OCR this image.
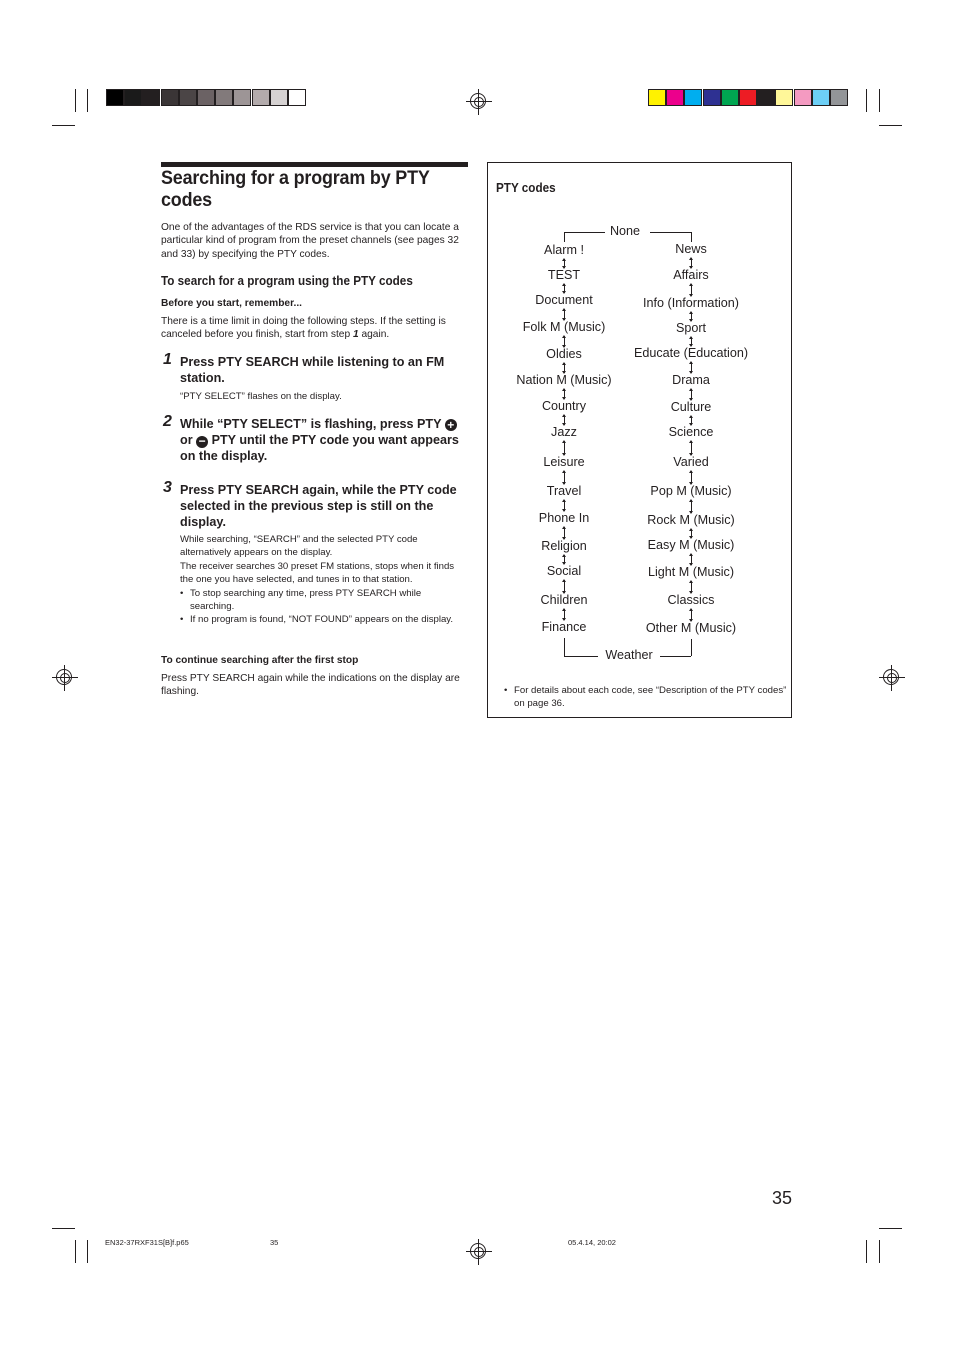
Searching for a program by PTY codes
One of the advantages of the RDS service is that you can locate a particular kind of program from the preset channels (see pages 32 and 33) by specifying the PTY codes.
To search for a program using the PTY codes
Before you start, remember...
There is a time limit in doing the following steps. If the setting is canceled before you finish, start from step 1 again.
1 Press PTY SEARCH while listening to an FM station.
“PTY SELECT” flashes on the display.
2 While “PTY SELECT” is flashing, press PTY + or − PTY until the PTY code you want appears on the display.
3 Press PTY SEARCH again, while the PTY code selected in the previous step is still on the display.
While searching, “SEARCH” and the selected PTY code alternatively appears on the display.
The receiver searches 30 preset FM stations, stops when it finds the one you have selected, and tunes in to that station.
• To stop searching any time, press PTY SEARCH while searching.
• If no program is found, “NOT FOUND” appears on the display.
To continue searching after the first stop
Press PTY SEARCH again while the indications on the display are flashing.
PTY codes
Alarm !
TEST
Document
Folk M (Music)
Oldies
Nation M (Music)
Country
Jazz
Leisure
Travel
Phone In
Religion
Social
Children
Finance
News
Affairs
Info (Information)
Sport
Educate (Education)
Drama
Culture
Science
Varied
Pop M (Music)
Rock M (Music)
Easy M (Music)
Light M (Music)
Classics
Other M (Music)
None
Weather
• For details about each code, see “Description of the PTY codes” on page 36.
35
EN32-37RXF31S[B]f.p65	35	05.4.14, 20:02
